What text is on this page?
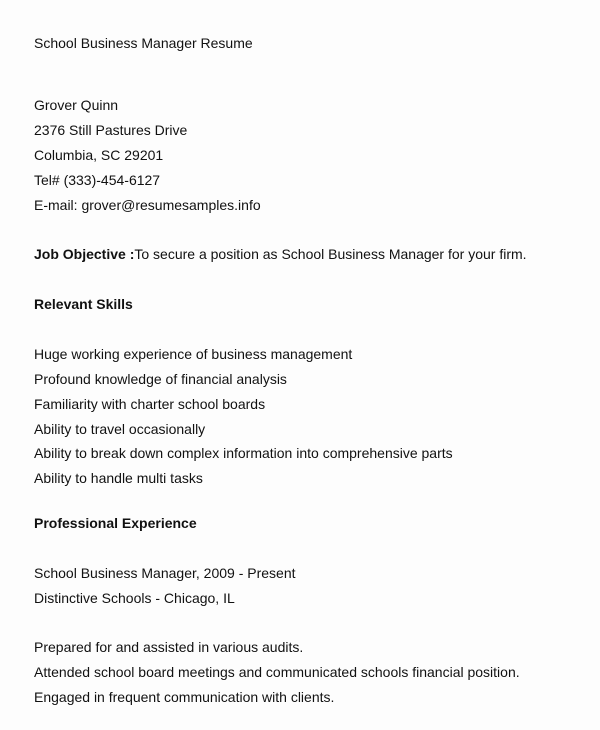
School Business Manager Resume
Grover Quinn
2376 Still Pastures Drive
Columbia, SC 29201
Tel# (333)-454-6127
E-mail: grover@resumesamples.info
Job Objective :To secure a position as School Business Manager for your firm.
Relevant Skills
Huge working experience of business management
Profound knowledge of financial analysis
Familiarity with charter school boards
Ability to travel occasionally
Ability to break down complex information into comprehensive parts
Ability to handle multi tasks
Professional Experience
School Business Manager, 2009 - Present
Distinctive Schools - Chicago, IL
Prepared for and assisted in various audits.
Attended school board meetings and communicated schools financial position.
Engaged in frequent communication with clients.
